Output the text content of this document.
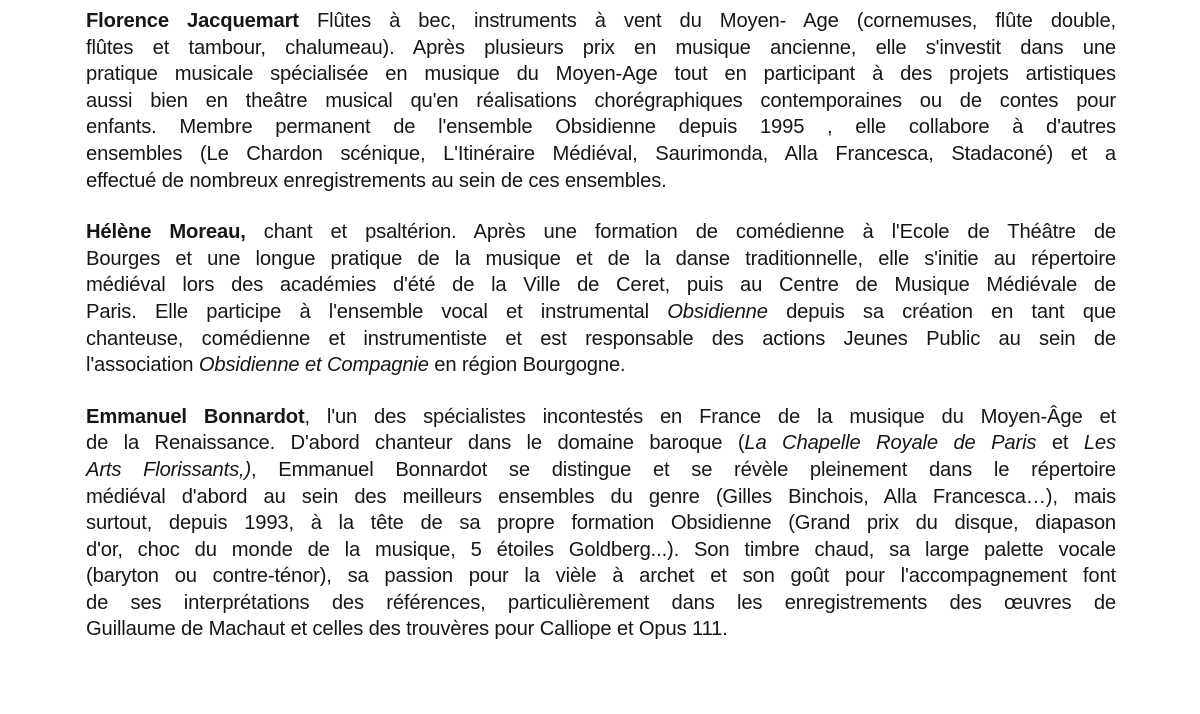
Florence Jacquemart Flûtes à bec, instruments à vent du Moyen- Age (cornemuses, flûte double,
flûtes et tambour, chalumeau). Après plusieurs prix en musique ancienne, elle s'investit dans une
pratique musicale spécialisée en musique du Moyen-Age tout en participant à des projets artistiques
aussi bien en theâtre musical qu'en réalisations chorégraphiques contemporaines ou de contes pour
enfants. Membre permanent de l'ensemble Obsidienne depuis 1995 , elle collabore à d'autres
ensembles (Le Chardon scénique, L'Itinéraire Médiéval, Saurimonda, Alla Francesca, Stadaconé) et a
effectué de nombreux enregistrements au sein de ces ensembles.

Hélène Moreau, chant et psaltérion. Après une formation de comédienne à l'Ecole de Théâtre de
Bourges et une longue pratique de la musique et de la danse traditionnelle, elle s'initie au répertoire
médiéval lors des académies d'été de la Ville de Ceret, puis au Centre de Musique Médiévale de
Paris. Elle participe à l'ensemble vocal et instrumental Obsidienne depuis sa création en tant que
chanteuse, comédienne et instrumentiste et est responsable des actions Jeunes Public au sein de
l'association Obsidienne et Compagnie en région Bourgogne.

Emmanuel Bonnardot, l'un des spécialistes incontestés en France de la musique du Moyen-Âge et
de la Renaissance. D'abord chanteur dans le domaine baroque (La Chapelle Royale de Paris et Les
Arts Florissants,), Emmanuel Bonnardot se distingue et se révèle pleinement dans le répertoire
médiéval d'abord au sein des meilleurs ensembles du genre (Gilles Binchois, Alla Francesca…), mais
surtout, depuis 1993, à la tête de sa propre formation Obsidienne (Grand prix du disque, diapason
d'or, choc du monde de la musique, 5 étoiles Goldberg...). Son timbre chaud, sa large palette vocale
(baryton ou contre-ténor), sa passion pour la vièle à archet et son goût pour l'accompagnement font
de ses interprétations des références, particulièrement dans les enregistrements des œuvres de
Guillaume de Machaut et celles des trouvères pour Calliope et Opus 111.
